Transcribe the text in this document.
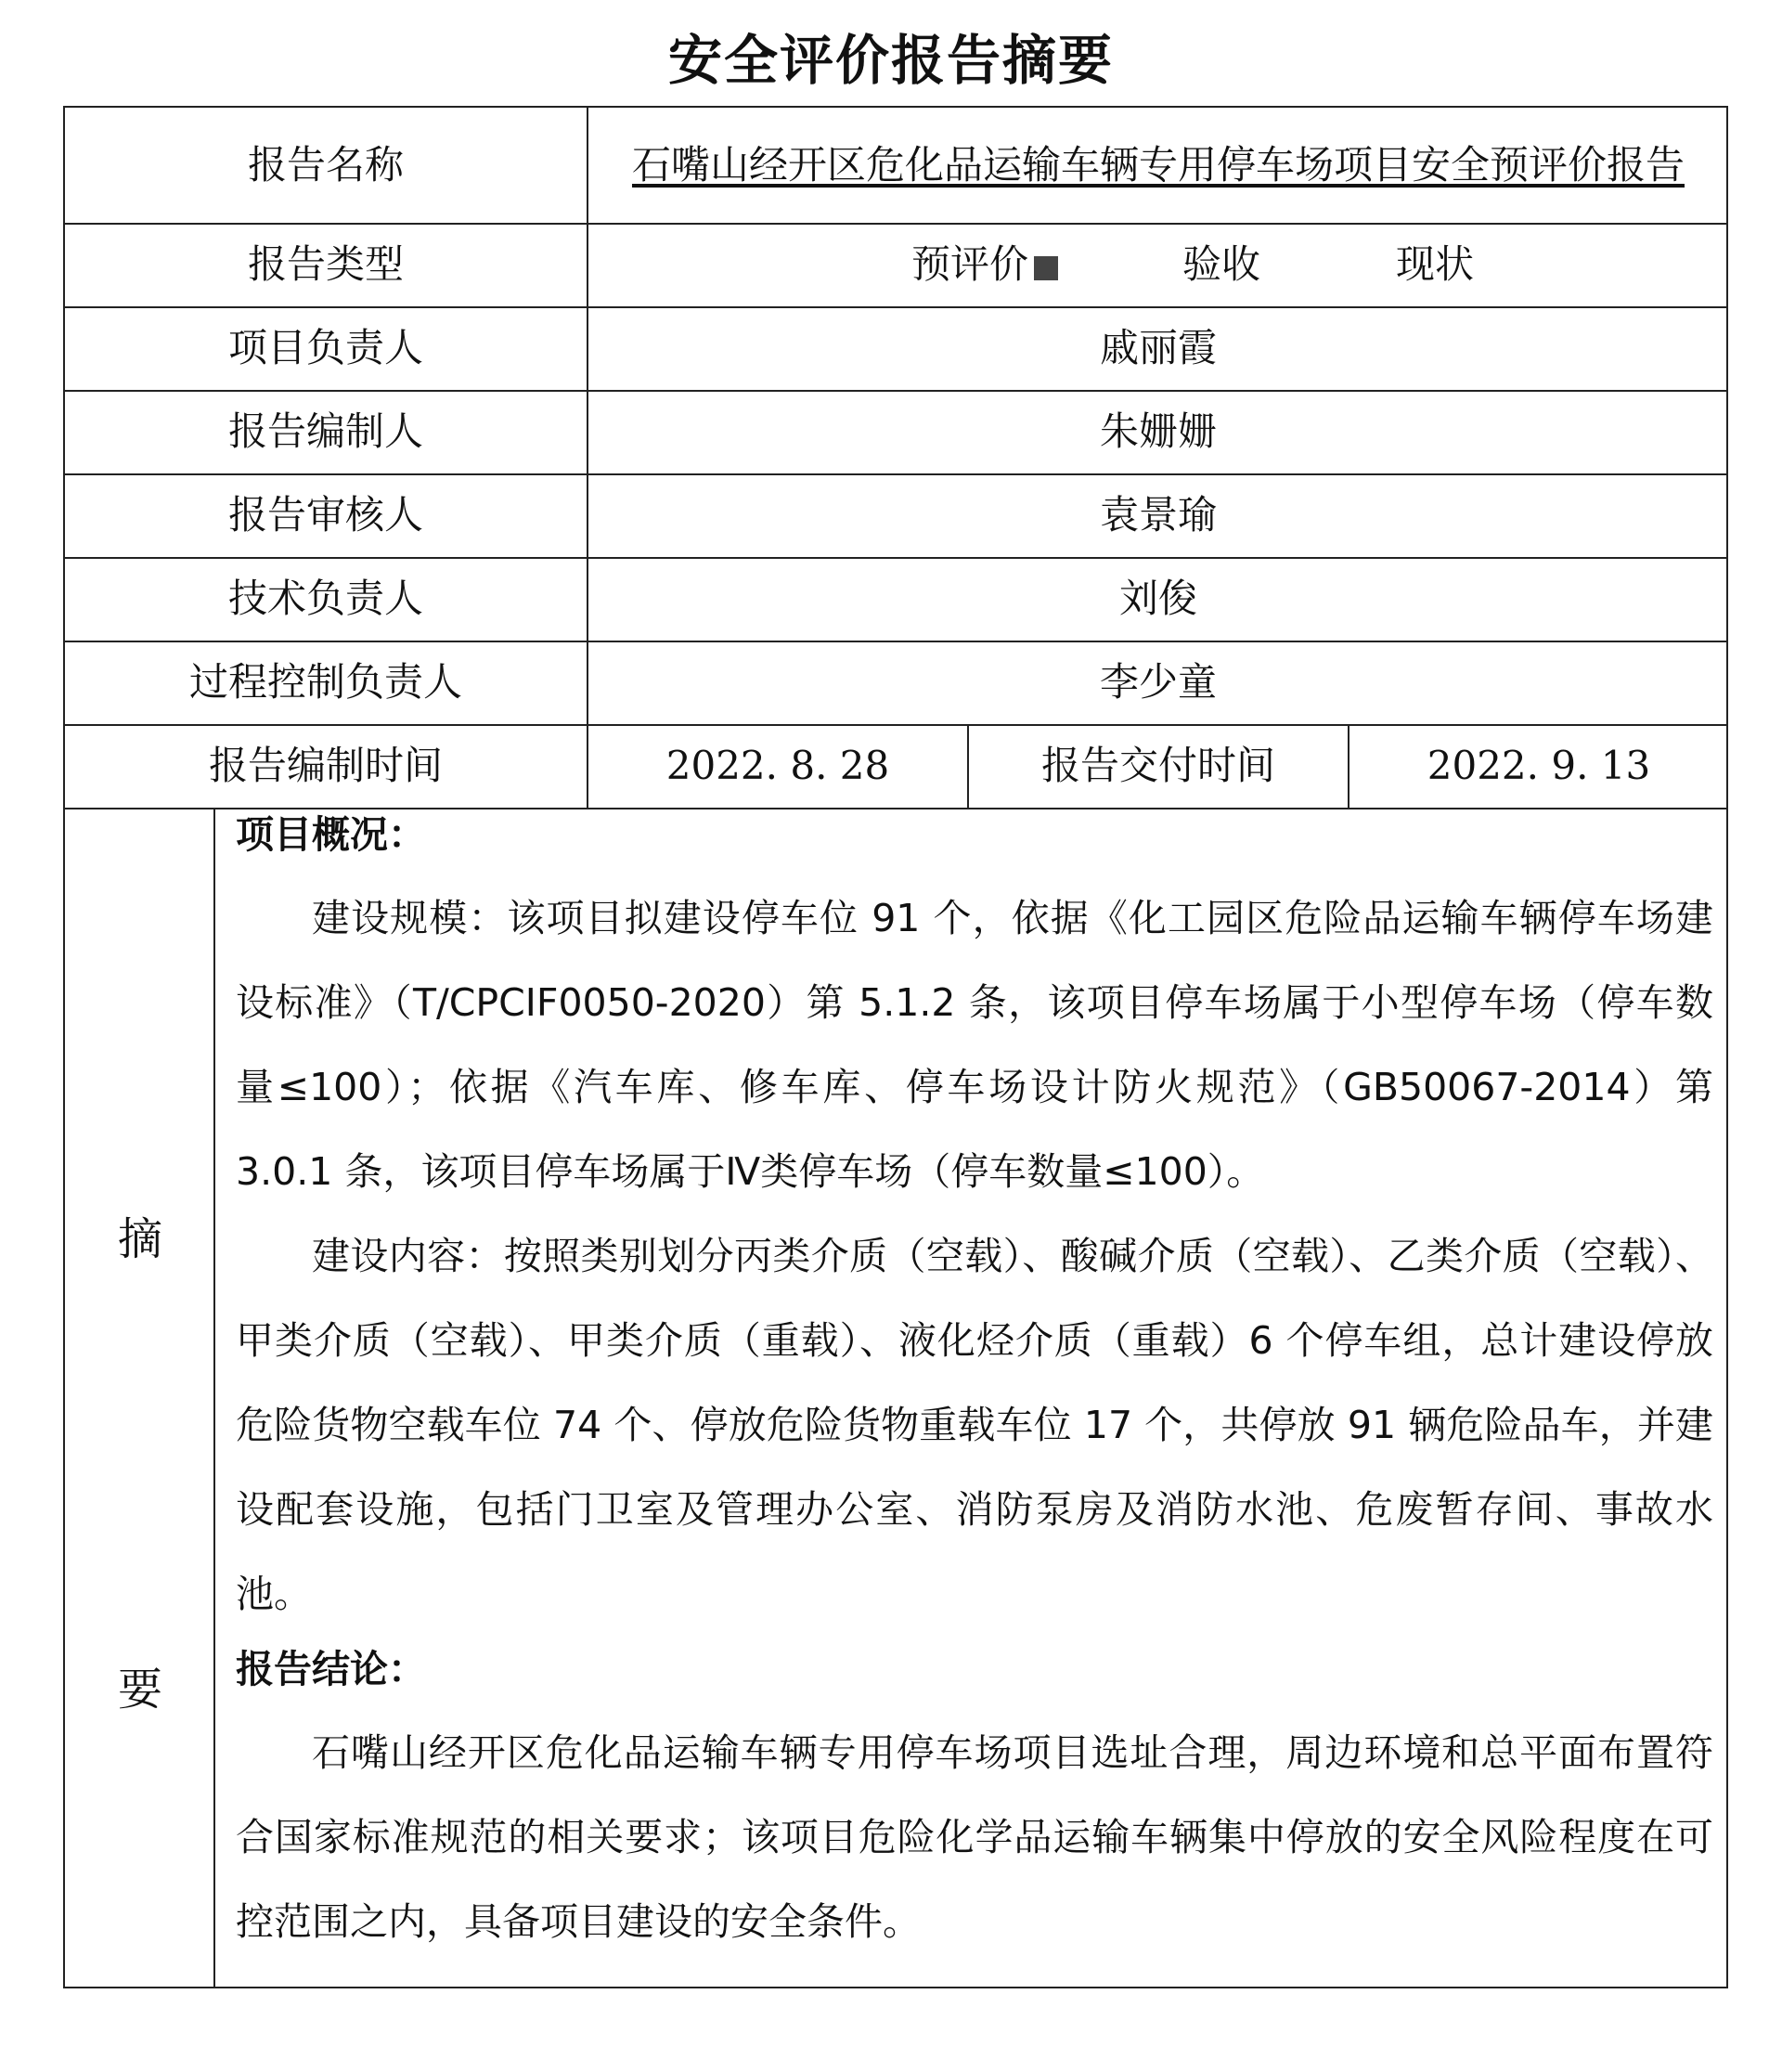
安全评价报告摘要
报告名称	石嘴山经开区危化品运输车辆专用停车场项目安全预评价报告
报告类型	预评价	验收	现状
项目负责人	戚丽霞
报告编制人	朱姗姗
报告审核人	袁景瑜
技术负责人	刘俊
过程控制负责人	李少童
报告编制时间	2022. 8. 28	报告交付时间	2022. 9. 13
摘
要
项目概况：

建设规模：该项目拟建设停车位 91 个，依据《化工园区危险品运输车辆停车场建设标准》（T/CPCIF0050-2020）第 5.1.2 条，该项目停车场属于小型停车场（停车数量≤100）；依据《汽车库、修车库、停车场设计防火规范》（GB50067-2014）第 3.0.1 条，该项目停车场属于Ⅳ类停车场（停车数量≤100）。

建设内容：按照类别划分丙类介质（空载）、酸碱介质（空载）、乙类介质（空载）、甲类介质（空载）、甲类介质（重载）、液化烃介质（重载）6 个停车组，总计建设停放危险货物空载车位 74 个、停放危险货物重载车位 17 个，共停放 91 辆危险品车，并建设配套设施，包括门卫室及管理办公室、消防泵房及消防水池、危废暂存间、事故水池。

报告结论：

石嘴山经开区危化品运输车辆专用停车场项目选址合理，周边环境和总平面布置符合国家标准规范的相关要求；该项目危险化学品运输车辆集中停放的安全风险程度在可控范围之内，具备项目建设的安全条件。
